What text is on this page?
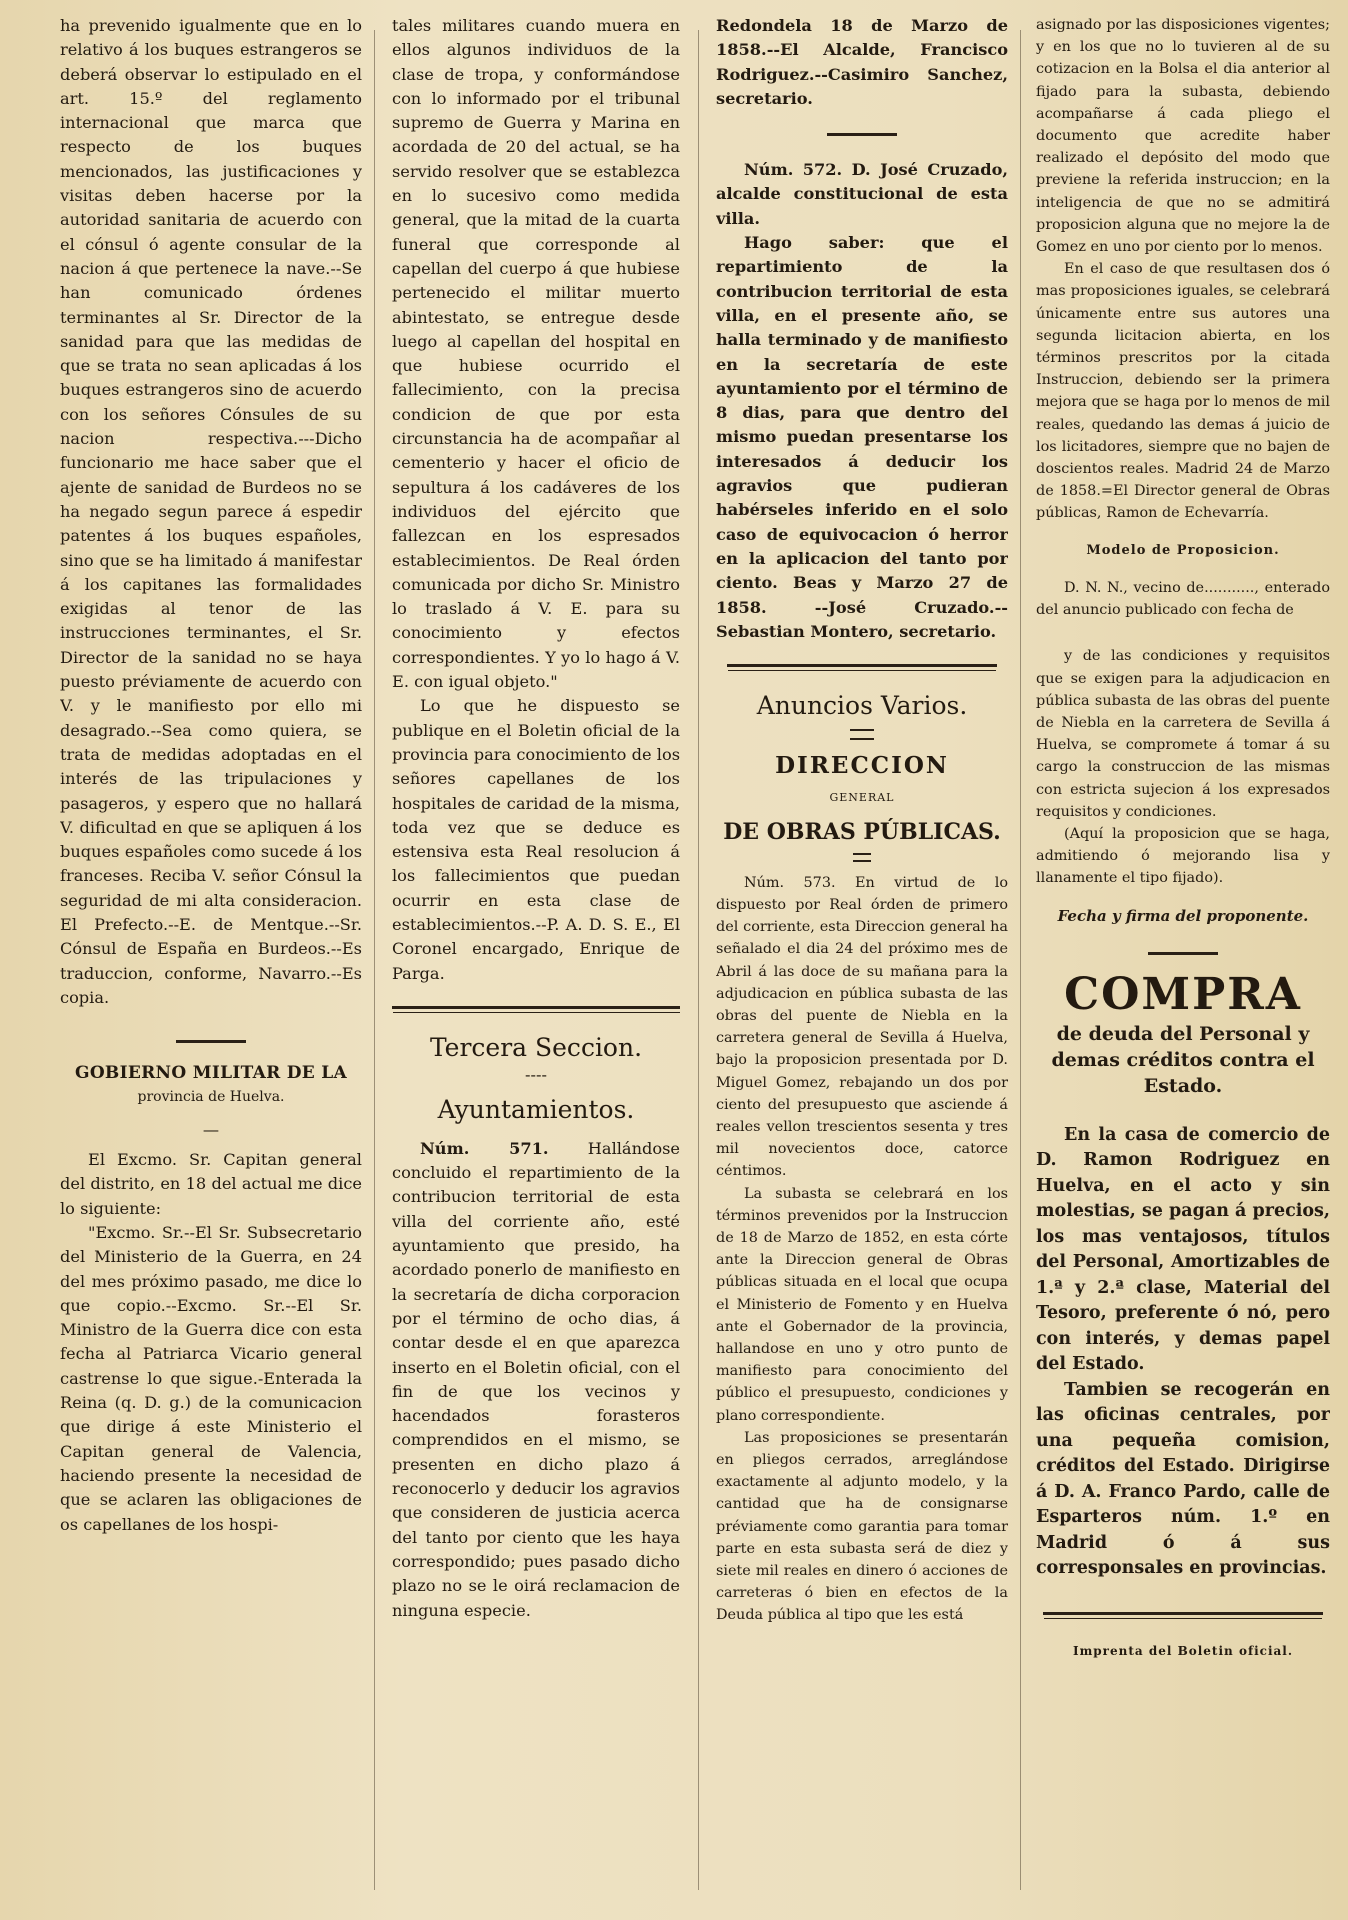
ha prevenido igualmente que en lo relativo á los buques estrangeros se deberá observar lo estipulado en el art. 15.º del reglamento internacional que marca que respecto de los buques mencionados, las justificaciones y visitas deben hacerse por la autoridad sanitaria de acuerdo con el cónsul ó agente consular de la nacion á que pertenece la nave.--Se han comunicado órdenes terminantes al Sr. Director de la sanidad para que las medidas de que se trata no sean aplicadas á los buques estrangeros sino de acuerdo con los señores Cónsules de su nacion respectiva.---Dicho funcionario me hace saber que el ajente de sanidad de Burdeos no se ha negado segun parece á espedir patentes á los buques españoles, sino que se ha limitado á manifestar á los capitanes las formalidades exigidas al tenor de las instrucciones terminantes, el Sr. Director de la sanidad no se haya puesto préviamente de acuerdo con V. y le manifiesto por ello mi desagrado.--Sea como quiera, se trata de medidas adoptadas en el interés de las tripulaciones y pasageros, y espero que no hallará V. dificultad en que se apliquen á los buques españoles como sucede á los franceses. Reciba V. señor Cónsul la seguridad de mi alta consideracion. El Prefecto.--E. de Mentque.--Sr. Cónsul de España en Burdeos.--Es traduccion, conforme, Navarro.--Es copia.

GOBIERNO MILITAR DE LA
provincia de Huelva.
—

El Excmo. Sr. Capitan general del distrito, en 18 del actual me dice lo siguiente:

"Excmo. Sr.--El Sr. Subsecretario del Ministerio de la Guerra, en 24 del mes próximo pasado, me dice lo que copio.--Excmo. Sr.--El Sr. Ministro de la Guerra dice con esta fecha al Patriarca Vicario general castrense lo que sigue.-Enterada la Reina (q. D. g.) de la comunicacion que dirige á este Ministerio el Capitan general de Valencia, haciendo presente la necesidad de que se aclaren las obligaciones de os capellanes de los hospi-

tales militares cuando muera en ellos algunos individuos de la clase de tropa, y conformándose con lo informado por el tribunal supremo de Guerra y Marina en acordada de 20 del actual, se ha servido resolver que se establezca en lo sucesivo como medida general, que la mitad de la cuarta funeral que corresponde al capellan del cuerpo á que hubiese pertenecido el militar muerto abintestato, se entregue desde luego al capellan del hospital en que hubiese ocurrido el fallecimiento, con la precisa condicion de que por esta circunstancia ha de acompañar al cementerio y hacer el oficio de sepultura á los cadáveres de los individuos del ejército que fallezcan en los espresados establecimientos. De Real órden comunicada por dicho Sr. Ministro lo traslado á V. E. para su conocimiento y efectos correspondientes. Y yo lo hago á V. E. con igual objeto."

Lo que he dispuesto se publique en el Boletin oficial de la provincia para conocimiento de los señores capellanes de los hospitales de caridad de la misma, toda vez que se deduce es estensiva esta Real resolucion á los fallecimientos que puedan ocurrir en esta clase de establecimientos.--P. A. D. S. E., El Coronel encargado, Enrique de Parga.

Tercera Seccion.
----
Ayuntamientos.

Núm. 571. Hallándose concluido el repartimiento de la contribucion territorial de esta villa del corriente año, esté ayuntamiento que presido, ha acordado ponerlo de manifiesto en la secretaría de dicha corporacion por el término de ocho dias, á contar desde el en que aparezca inserto en el Boletin oficial, con el fin de que los vecinos y hacendados forasteros comprendidos en el mismo, se presenten en dicho plazo á reconocerlo y deducir los agravios que consideren de justicia acerca del tanto por ciento que les haya correspondido; pues pasado dicho plazo no se le oirá reclamacion de ninguna especie.

Redondela 18 de Marzo de 1858.--El Alcalde, Francisco Rodriguez.--Casimiro Sanchez, secretario.

Núm. 572. D. José Cruzado, alcalde constitucional de esta villa.

Hago saber: que el repartimiento de la contribucion territorial de esta villa, en el presente año, se halla terminado y de manifiesto en la secretaría de este ayuntamiento por el término de 8 dias, para que dentro del mismo puedan presentarse los interesados á deducir los agravios que pudieran habérseles inferido en el solo caso de equivocacion ó herror en la aplicacion del tanto por ciento. Beas y Marzo 27 de 1858. --José Cruzado.--Sebastian Montero, secretario.

Anuncios Varios.
DIRECCION
GENERAL
DE OBRAS PÚBLICAS.

Núm. 573. En virtud de lo dispuesto por Real órden de primero del corriente, esta Direccion general ha señalado el dia 24 del próximo mes de Abril á las doce de su mañana para la adjudicacion en pública subasta de las obras del puente de Niebla en la carretera general de Sevilla á Huelva, bajo la proposicion presentada por D. Miguel Gomez, rebajando un dos por ciento del presupuesto que asciende á reales vellon trescientos sesenta y tres mil novecientos doce, catorce céntimos.

La subasta se celebrará en los términos prevenidos por la Instruccion de 18 de Marzo de 1852, en esta córte ante la Direccion general de Obras públicas situada en el local que ocupa el Ministerio de Fomento y en Huelva ante el Gobernador de la provincia, hallandose en uno y otro punto de manifiesto para conocimiento del público el presupuesto, condiciones y plano correspondiente.

Las proposiciones se presentarán en pliegos cerrados, arreglándose exactamente al adjunto modelo, y la cantidad que ha de consignarse préviamente como garantia para tomar parte en esta subasta será de diez y siete mil reales en dinero ó acciones de carreteras ó bien en efectos de la Deuda pública al tipo que les está

asignado por las disposiciones vigentes; y en los que no lo tuvieren al de su cotizacion en la Bolsa el dia anterior al fijado para la subasta, debiendo acompañarse á cada pliego el documento que acredite haber realizado el depósito del modo que previene la referida instruccion; en la inteligencia de que no se admitirá proposicion alguna que no mejore la de Gomez en uno por ciento por lo menos.

En el caso de que resultasen dos ó mas proposiciones iguales, se celebrará únicamente entre sus autores una segunda licitacion abierta, en los términos prescritos por la citada Instruccion, debiendo ser la primera mejora que se haga por lo menos de mil reales, quedando las demas á juicio de los licitadores, siempre que no bajen de doscientos reales. Madrid 24 de Marzo de 1858.=El Director general de Obras públicas, Ramon de Echevarría.

Modelo de Proposicion.

D. N. N., vecino de..........., enterado del anuncio publicado con fecha de

y de las condiciones y requisitos que se exigen para la adjudicacion en pública subasta de las obras del puente de Niebla en la carretera de Sevilla á Huelva, se compromete á tomar á su cargo la construccion de las mismas con estricta sujecion á los expresados requisitos y condiciones.

(Aquí la proposicion que se haga, admitiendo ó mejorando lisa y llanamente el tipo fijado).

Fecha y firma del proponente.
COMPRA
de deuda del Personal y demas créditos contra el Estado.

En la casa de comercio de D. Ramon Rodriguez en Huelva, en el acto y sin molestias, se pagan á precios, los mas ventajosos, títulos del Personal, Amortizables de 1.ª y 2.ª clase, Material del Tesoro, preferente ó nó, pero con interés, y demas papel del Estado.

Tambien se recogerán en las oficinas centrales, por una pequeña comision, créditos del Estado. Dirigirse á D. A. Franco Pardo, calle de Esparteros núm. 1.º en Madrid ó á sus corresponsales en provincias.

Imprenta del Boletin oficial.
